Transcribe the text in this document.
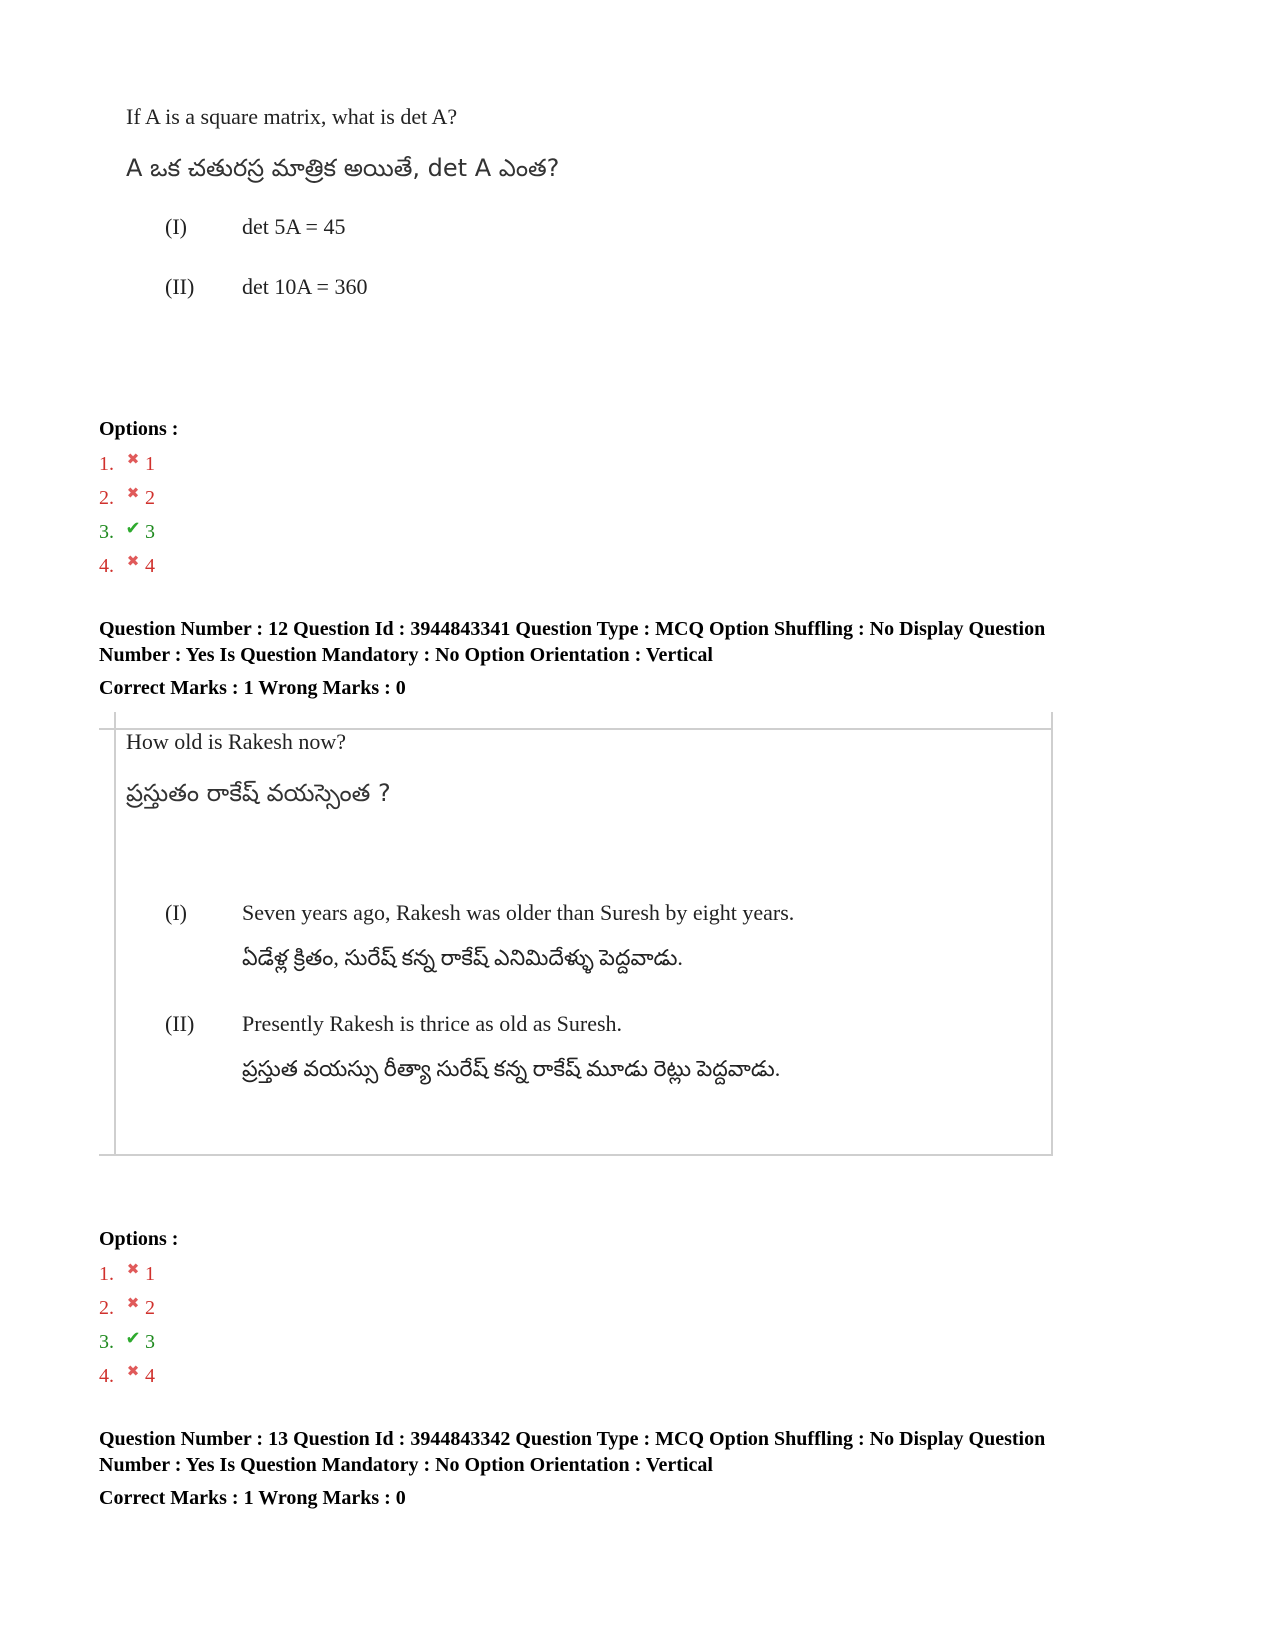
If A is a square matrix, what is det A?
A ఒక చతురస్ర మాత్రిక అయితే, det A ఎంత?
(I)	det 5A = 45
(II) det 10A = 360
Options :
1. ✖ 1
2. ✖ 2
3. ✔ 3
4. ✖ 4
Question Number : 12 Question Id : 3944843341 Question Type : MCQ Option Shuffling : No Display Question
Number : Yes Is Question Mandatory : No Option Orientation : Vertical
Correct Marks : 1 Wrong Marks : 0
How old is Rakesh now?
ప్రస్తుతం రాకేష్ వయస్సెంత ?
(I)	Seven years ago, Rakesh was older than Suresh by eight years.
ఏడేళ్ల క్రితం, సురేష్ కన్న రాకేష్ ఎనిమిదేళ్ళు పెద్దవాడు.
(II) Presently Rakesh is thrice as old as Suresh.
ప్రస్తుత వయస్సు రీత్యా సురేష్ కన్న రాకేష్ మూడు రెట్లు పెద్దవాడు.
Options :
1. ✖ 1
2. ✖ 2
3. ✔ 3
4. ✖ 4
Question Number : 13 Question Id : 3944843342 Question Type : MCQ Option Shuffling : No Display Question
Number : Yes Is Question Mandatory : No Option Orientation : Vertical
Correct Marks : 1 Wrong Marks : 0
